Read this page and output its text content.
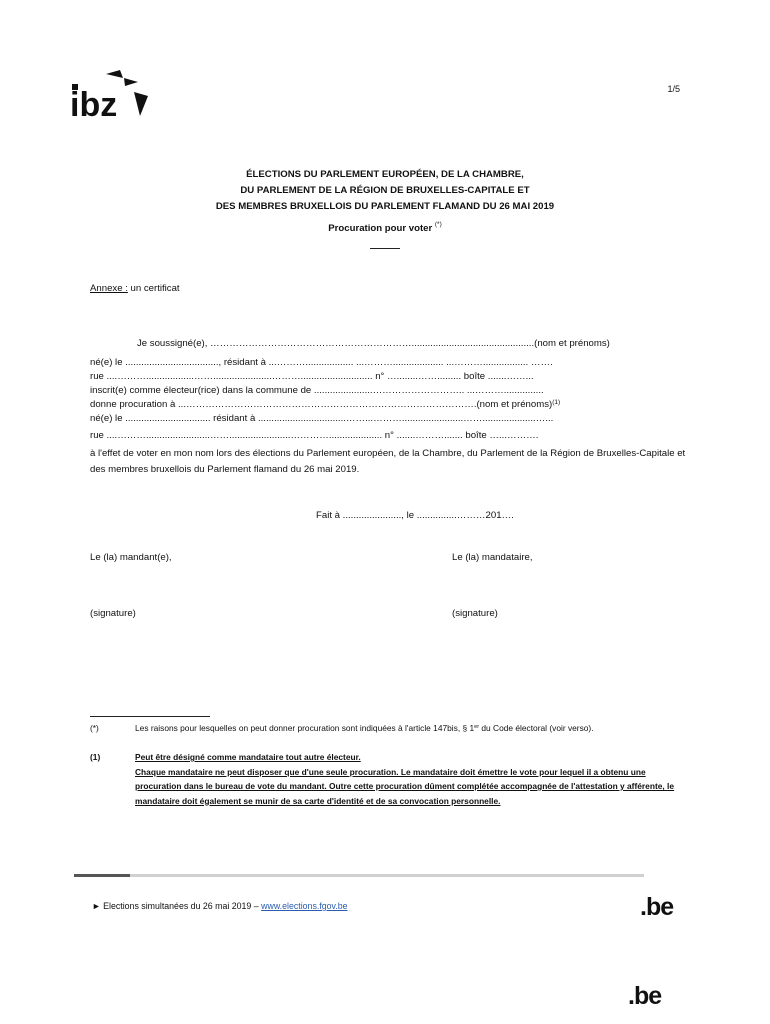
ibz	1/5
ÉLECTIONS DU PARLEMENT EUROPÉEN, DE LA CHAMBRE,
DU PARLEMENT DE LA RÉGION DE BRUXELLES-CAPITALE ET
DES MEMBRES BRUXELLOIS DU PARLEMENT FLAMAND DU 26 MAI 2019
Procuration pour voter (*)
Annexe : un certificat
Je soussigné(e), ………………………………………………………..............................................(nom et prénoms)
né(e) le ..................................., résidant à ...……….................. ...………................... ...………................. …….
rue ....………..................……......................………........................... n° …........……......... boîte .......……...
inscrit(e) comme électeur(rice) dans la commune de ......................……………………….. ...………...............
donne procuration à ...……………………………………………………………………………….(nom et prénoms)$^{(1)}$
né(e) le ................................ résidant à .................................……...……….......................……....................…...
rue ....………........................…….......................………….................... n° .......………....... boîte …...……….
à l'effet de voter en mon nom lors des élections du Parlement européen, de la Chambre, du Parlement de la Région de Bruxelles-Capitale et des membres bruxellois du Parlement flamand du 26 mai 2019.
Fait à ......................, le ...............………201….
Le (la) mandant(e),	Le (la) mandataire,
(signature)	(signature)
(*)	Les raisons pour lesquelles on peut donner procuration sont indiquées à l'article 147bis, § 1er du Code électoral (voir verso).
(1)	Peut être désigné comme mandataire tout autre électeur.
Chaque mandataire ne peut disposer que d'une seule procuration. Le mandataire doit émettre le vote pour lequel il a obtenu une procuration dans le bureau de vote du mandant. Outre cette procuration dûment complétée accompagnée de l'attestation y afférente, le mandataire doit également se munir de sa carte d'identité et de sa convocation personnelle.
► Elections simultanées du 26 mai 2019 – www.elections.fgov.be	.be
.be
